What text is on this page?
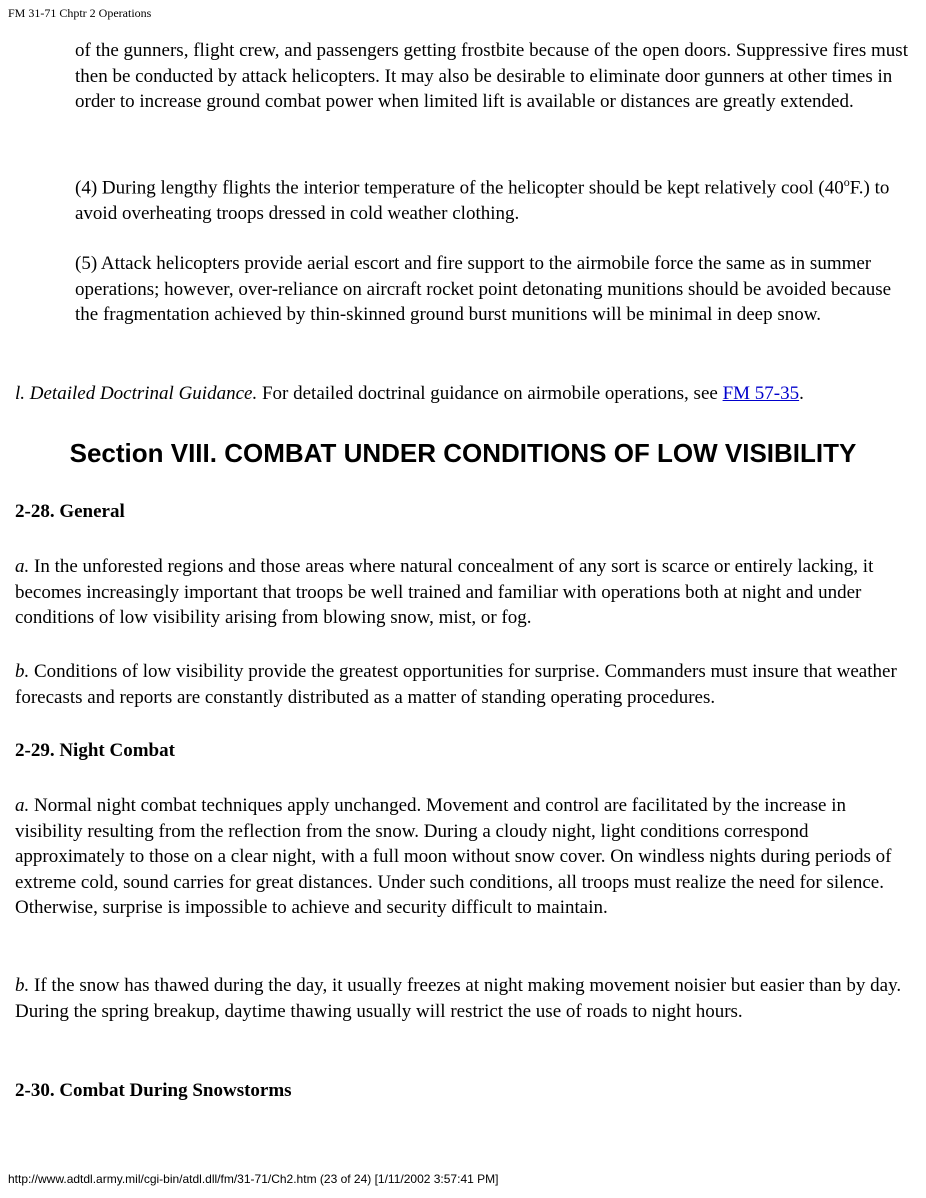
FM 31-71 Chptr 2 Operations

of the gunners, flight crew, and passengers getting frostbite because of the open doors. Suppressive fires must then be conducted by attack helicopters. It may also be desirable to eliminate door gunners at other times in order to increase ground combat power when limited lift is available or distances are greatly extended.

(4) During lengthy flights the interior temperature of the helicopter should be kept relatively cool (40$^o$F.) to avoid overheating troops dressed in cold weather clothing.

(5) Attack helicopters provide aerial escort and fire support to the airmobile force the same as in summer operations; however, over-reliance on aircraft rocket point detonating munitions should be avoided because the fragmentation achieved by thin-skinned ground burst munitions will be minimal in deep snow.

l. Detailed Doctrinal Guidance. For detailed doctrinal guidance on airmobile operations, see FM 57-35.

Section VIII. COMBAT UNDER CONDITIONS OF LOW VISIBILITY
2-28. General

a. In the unforested regions and those areas where natural concealment of any sort is scarce or entirely lacking, it becomes increasingly important that troops be well trained and familiar with operations both at night and under conditions of low visibility arising from blowing snow, mist, or fog.

b. Conditions of low visibility provide the greatest opportunities for surprise. Commanders must insure that weather forecasts and reports are constantly distributed as a matter of standing operating procedures.

2-29. Night Combat

a. Normal night combat techniques apply unchanged. Movement and control are facilitated by the increase in visibility resulting from the reflection from the snow. During a cloudy night, light conditions correspond approximately to those on a clear night, with a full moon without snow cover. On windless nights during periods of extreme cold, sound carries for great distances. Under such conditions, all troops must realize the need for silence. Otherwise, surprise is impossible to achieve and security difficult to maintain.

b. If the snow has thawed during the day, it usually freezes at night making movement noisier but easier than by day. During the spring breakup, daytime thawing usually will restrict the use of roads to night hours.

2-30. Combat During Snowstorms
http://www.adtdl.army.mil/cgi-bin/atdl.dll/fm/31-71/Ch2.htm (23 of 24) [1/11/2002 3:57:41 PM]
